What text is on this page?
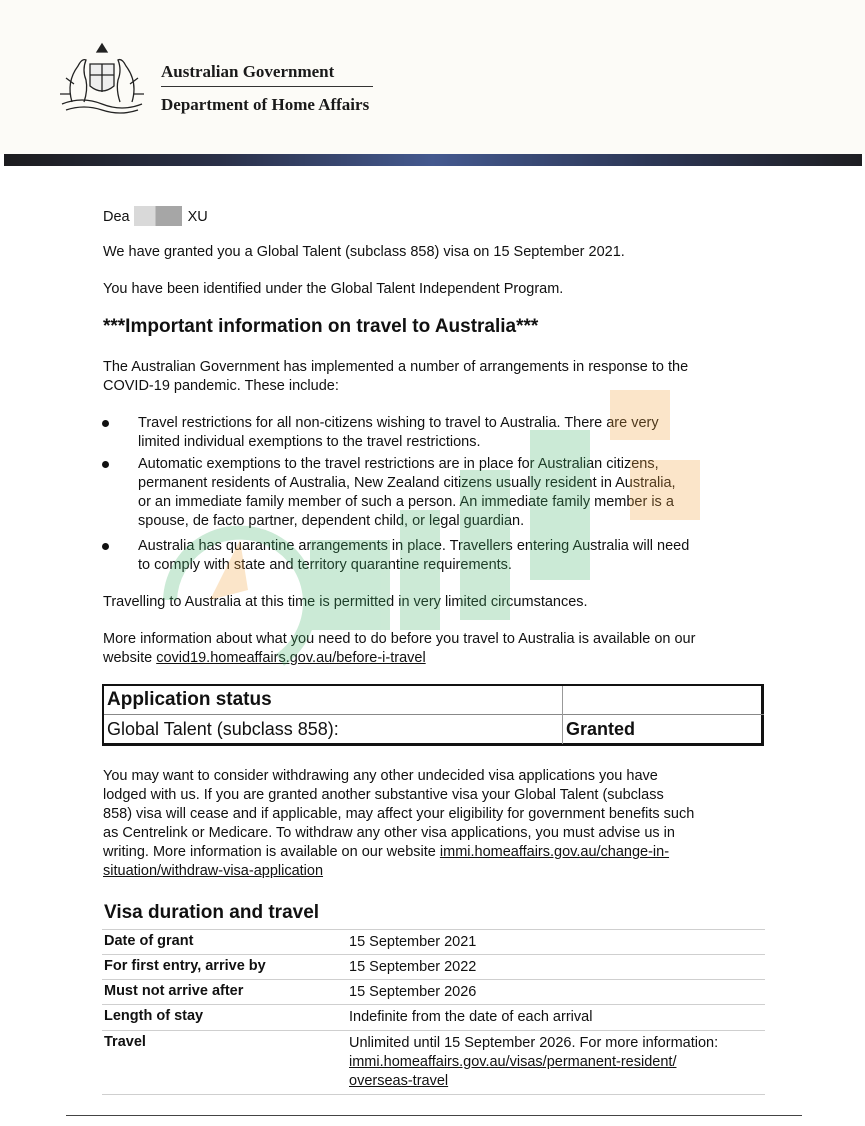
Australian Government
Department of Home Affairs
Dea	XU
We have granted you a Global Talent (subclass 858) visa on 15 September 2021.
You have been identified under the Global Talent Independent Program.
***Important information on travel to Australia***
The Australian Government has implemented a number of arrangements in response to the
COVID-19 pandemic. These include:
Travel restrictions for all non-citizens wishing to travel to Australia. There are very
limited individual exemptions to the travel restrictions.
Automatic exemptions to the travel restrictions are in place for Australian citizens,
permanent residents of Australia, New Zealand citizens usually resident in Australia,
or an immediate family member of such a person. An immediate family member is a
spouse, de facto partner, dependent child, or legal guardian.
Australia has quarantine arrangements in place. Travellers entering Australia will need
to comply with state and territory quarantine requirements.
Travelling to Australia at this time is permitted in very limited circumstances.
More information about what you need to do before you travel to Australia is available on our
website covid19.homeaffairs.gov.au/before-i-travel
Application status
Global Talent (subclass 858):	Granted
You may want to consider withdrawing any other undecided visa applications you have
lodged with us. If you are granted another substantive visa your Global Talent (subclass
858) visa will cease and if applicable, may affect your eligibility for government benefits such
as Centrelink or Medicare. To withdraw any other visa applications, you must advise us in
writing. More information is available on our website immi.homeaffairs.gov.au/change-in-
situation/withdraw-visa-application
Visa duration and travel
Date of grant	15 September 2021
For first entry, arrive by	15 September 2022
Must not arrive after	15 September 2026
Length of stay	Indefinite from the date of each arrival
Travel	Unlimited until 15 September 2026. For more information:
immi.homeaffairs.gov.au/visas/permanent-resident/
overseas-travel
